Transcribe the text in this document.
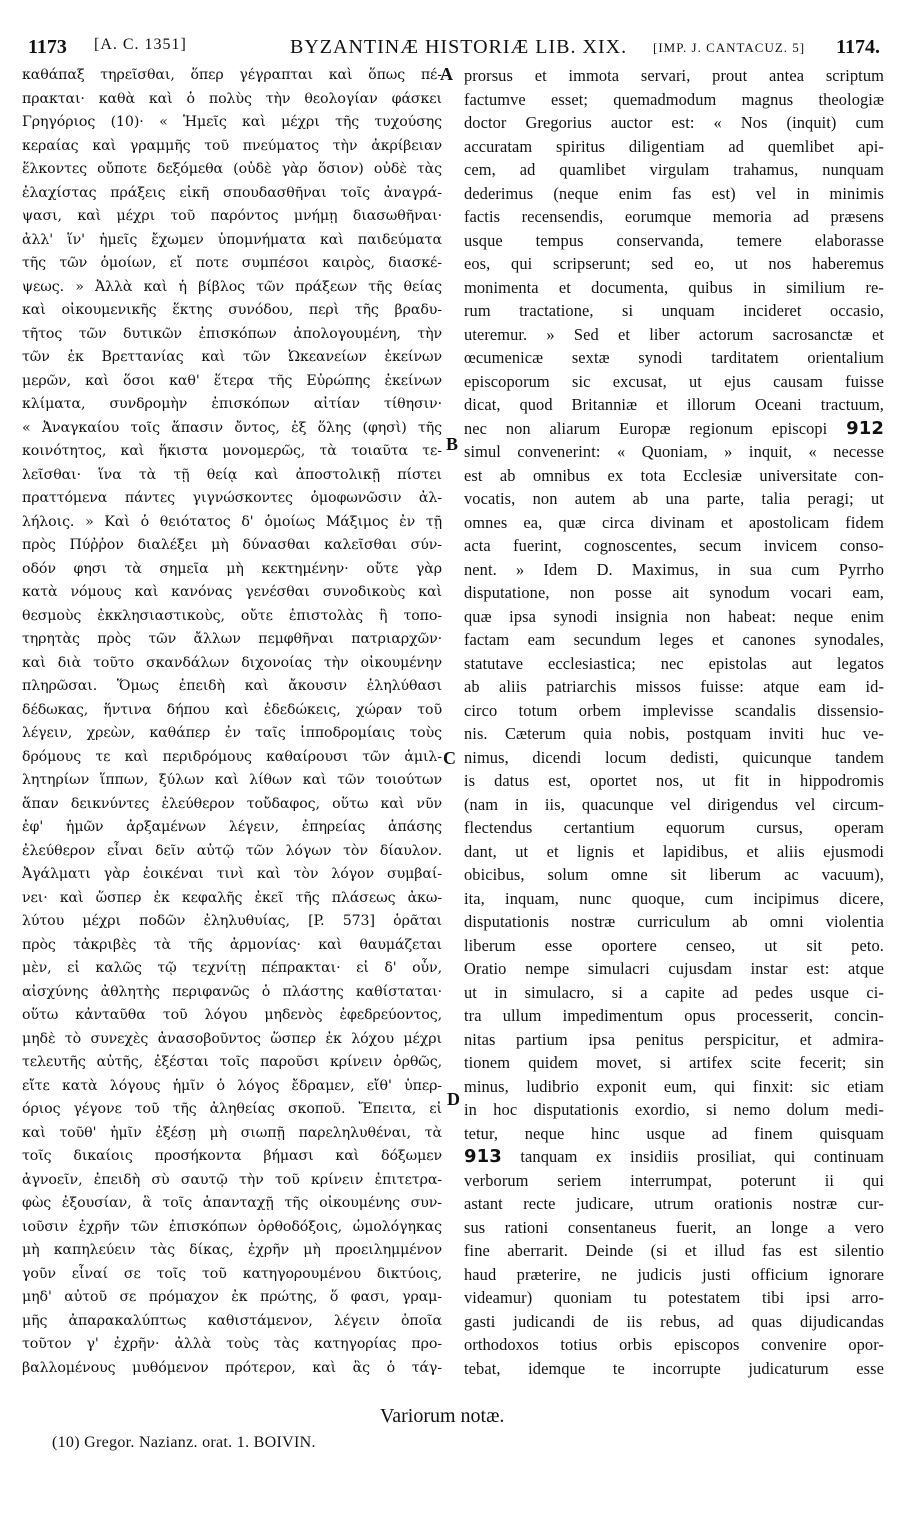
1173 [A. C. 1351]	BYZANTINÆ HISTORIÆ LIB. XIX. [IMP. J. CANTACUZ. 5] 1174.
καθάπαξ τηρεῖσθαι, ὅπερ γέγραπται καὶ ὅπως πέ-
πρακται· καθὰ καὶ ὁ πολὺς τὴν θεολογίαν φάσκει
Γρηγόριος (10)· « Ἡμεῖς καὶ μέχρι τῆς τυχούσης
κεραίας καὶ γραμμῆς τοῦ πνεύματος τὴν ἀκρίβειαν
ἕλκοντες οὔποτε δεξόμεθα (οὐδὲ γὰρ ὅσιον) οὐδὲ τὰς
ἐλαχίστας πράξεις εἰκῆ σπουδασθῆναι τοῖς ἀναγρά-
ψασι, καὶ μέχρι τοῦ παρόντος μνήμῃ διασωθῆναι·
ἀλλ' ἵν' ἡμεῖς ἔχωμεν ὑπομνήματα καὶ παιδεύματα
τῆς τῶν ὁμοίων, εἴ ποτε συμπέσοι καιρὸς, διασκέ-
ψεως. » Ἀλλὰ καὶ ἡ βίβλος τῶν πράξεων τῆς θείας
καὶ οἰκουμενικῆς ἕκτης συνόδου, περὶ τῆς βραδυ-
τῆτος τῶν δυτικῶν ἐπισκόπων ἀπολογουμένη, τὴν
τῶν ἐκ Βρεττανίας καὶ τῶν Ὠκεανείων ἐκείνων
μερῶν, καὶ ὅσοι καθ' ἕτερα τῆς Εὐρώπης ἐκείνων
κλίματα, συνδρομὴν ἐπισκόπων αἰτίαν τίθησιν·
« Ἀναγκαίου τοῖς ἅπασιν ὄντος, ἐξ ὅλης (φησὶ) τῆς
κοινότητος, καὶ ἥκιστα μονομερῶς, τὰ τοιαῦτα τε-
λεῖσθαι· ἵνα τὰ τῇ θείᾳ καὶ ἀποστολικῇ πίστει
πραττόμενα πάντες γιγνώσκοντες ὁμοφωνῶσιν ἀλ-
λήλοις. » Καὶ ὁ θειότατος δ' ὁμοίως Μάξιμος ἐν τῇ
πρὸς Πύῤῥον διαλέξει μὴ δύνασθαι καλεῖσθαι σύν-
οδόν φησι τὰ σημεῖα μὴ κεκτημένην· οὔτε γὰρ
κατὰ νόμους καὶ κανόνας γενέσθαι συνοδικοὺς καὶ
θεσμοὺς ἐκκλησιαστικοὺς, οὔτε ἐπιστολὰς ἢ τοπο-
τηρητὰς πρὸς τῶν ἄλλων πεμφθῆναι πατριαρχῶν·
καὶ διὰ τοῦτο σκανδάλων διχονοίας τὴν οἰκουμένην
πληρῶσαι. Ὅμως ἐπειδὴ καὶ ἄκουσιν ἐληλύθασι
δέδωκας, ἥντινα δήπου καὶ ἐδεδώκεις, χώραν τοῦ
λέγειν, χρεὼν, καθάπερ ἐν ταῖς ἱπποδρομίαις τοὺς
δρόμους τε καὶ περιδρόμους καθαίρουσι τῶν ἁμιλ-
λητηρίων ἵππων, ξύλων καὶ λίθων καὶ τῶν τοιούτων
ἅπαν δεικνύντες ἐλεύθερον τοὔδαφος, οὕτω καὶ νῦν
ἐφ' ἡμῶν ἀρξαμένων λέγειν, ἐπηρείας ἁπάσης
ἐλεύθερον εἶναι δεῖν αὐτῷ τῶν λόγων τὸν δίαυλον.
Ἀγάλματι γὰρ ἐοικέναι τινὶ καὶ τὸν λόγον συμβαί-
νει· καὶ ὥσπερ ἐκ κεφαλῆς ἐκεῖ τῆς πλάσεως ἀκω-
λύτου μέχρι ποδῶν ἐληλυθυίας, [P. 573] ὁρᾶται
πρὸς τἀκριβὲς τὰ τῆς ἁρμονίας· καὶ θαυμάζεται
μὲν, εἰ καλῶς τῷ τεχνίτῃ πέπρακται· εἰ δ' οὖν,
αἰσχύνης ἀθλητὴς περιφανῶς ὁ πλάστης καθίσταται·
οὕτω κἀνταῦθα τοῦ λόγου μηδενὸς ἐφεδρεύοντος,
μηδὲ τὸ συνεχὲς ἀνασοβοῦντος ὥσπερ ἐκ λόχου μέχρι
τελευτῆς αὐτῆς, ἐξέσται τοῖς παροῦσι κρίνειν ὀρθῶς,
εἴτε κατὰ λόγους ἡμῖν ὁ λόγος ἔδραμεν, εἴθ' ὑπερ-
όριος γέγονε τοῦ τῆς ἀληθείας σκοποῦ. Ἔπειτα, εἰ
καὶ τοῦθ' ἡμῖν ἐξέσῃ μὴ σιωπῇ παρεληλυθέναι, τὰ
τοῖς δικαίοις προσήκοντα βήμασι καὶ δόξωμεν
ἀγνοεῖν, ἐπειδὴ σὺ σαυτῷ τὴν τοῦ κρίνειν ἐπιτετρα-
φὼς ἐξουσίαν, ἃ τοῖς ἁπανταχῇ τῆς οἰκουμένης συν-
ιοῦσιν ἐχρῆν τῶν ἐπισκόπων ὀρθοδόξοις, ὡμολόγηκας
μὴ καπηλεύειν τὰς δίκας, ἐχρῆν μὴ προειλημμένον
γοῦν εἶναί σε τοῖς τοῦ κατηγορουμένου δικτύοις,
μηδ' αὐτοῦ σε πρόμαχον ἐκ πρώτης, ὅ φασι, γραμ-
μῆς ἀπαρακαλύπτως καθιστάμενον, λέγειν ὁποῖα
τοῦτον γ' ἐχρῆν· ἀλλὰ τοὺς τὰς κατηγορίας προ-
βαλλομένους μυθόμενον πρότερον, καὶ ἃς ὁ τάγ-
prorsus et immota servari, prout antea scriptum
factumve esset; quemadmodum magnus theologiæ
doctor Gregorius auctor est: « Nos (inquit) cum
accuratam spiritus diligentiam ad quemlibet api-
cem, ad quamlibet virgulam trahamus, nunquam
dederimus (neque enim fas est) vel in minimis
factis recensendis, eorumque memoria ad præsens
usque tempus conservanda, temere elaborasse
eos, qui scripserunt; sed eo, ut nos haberemus
monimenta et documenta, quibus in similium re-
rum tractatione, si unquam incideret occasio,
uteremur. » Sed et liber actorum sacrosanctæ et
œcumenicæ sextæ synodi tarditatem orientalium
episcoporum sic excusat, ut ejus causam fuisse
dicat, quod Britanniæ et illorum Oceani tractuum,
nec non aliarum Europæ regionum episcopi 912
simul convenerint: « Quoniam, » inquit, « necesse
est ab omnibus ex tota Ecclesiæ universitate con-
vocatis, non autem ab una parte, talia peragi; ut
omnes ea, quæ circa divinam et apostolicam fidem
acta fuerint, cognoscentes, secum invicem conso-
nent. » Idem D. Maximus, in sua cum Pyrrho
disputatione, non posse ait synodum vocari eam,
quæ ipsa synodi insignia non habeat: neque enim
factam eam secundum leges et canones synodales,
statutave ecclesiastica; nec epistolas aut legatos
ab aliis patriarchis missos fuisse: atque eam id-
circo totum orbem implevisse scandalis dissensio-
nis. Cæterum quia nobis, postquam inviti huc ve-
nimus, dicendi locum dedisti, quicunque tandem
is datus est, oportet nos, ut fit in hippodromis
(nam in iis, quacunque vel dirigendus vel circum-
flectendus certantium equorum cursus, operam
dant, ut et lignis et lapidibus, et aliis ejusmodi
obicibus, solum omne sit liberum ac vacuum),
ita, inquam, nunc quoque, cum incipimus dicere,
disputationis nostræ curriculum ab omni violentia
liberum esse oportere censeo, ut sit peto.
Oratio nempe simulacri cujusdam instar est: atque
ut in simulacro, si a capite ad pedes usque ci-
tra ullum impedimentum opus processerit, concin-
nitas partium ipsa penitus perspicitur, et admira-
tionem quidem movet, si artifex scite fecerit; sin
minus, ludibrio exponit eum, qui finxit: sic etiam
in hoc disputationis exordio, si nemo dolum medi-
tetur, neque hinc usque ad finem quisquam
913 tanquam ex insidiis prosiliat, qui continuam
verborum seriem interrumpat, poterunt ii qui
astant recte judicare, utrum orationis nostræ cur-
sus rationi consentaneus fuerit, an longe a vero
fine aberrarit. Deinde (si et illud fas est silentio
haud præterire, ne judicis justi officium ignorare
videamur) quoniam tu potestatem tibi ipsi arro-
gasti judicandi de iis rebus, ad quas dijudicandas
orthodoxos totius orbis episcopos convenire opor-
tebat, idemque te incorrupte judicaturum esse
A
B
C
D
Variorum notæ.
(10) Gregor. Nazianz. orat. 1. BOIVIN.
